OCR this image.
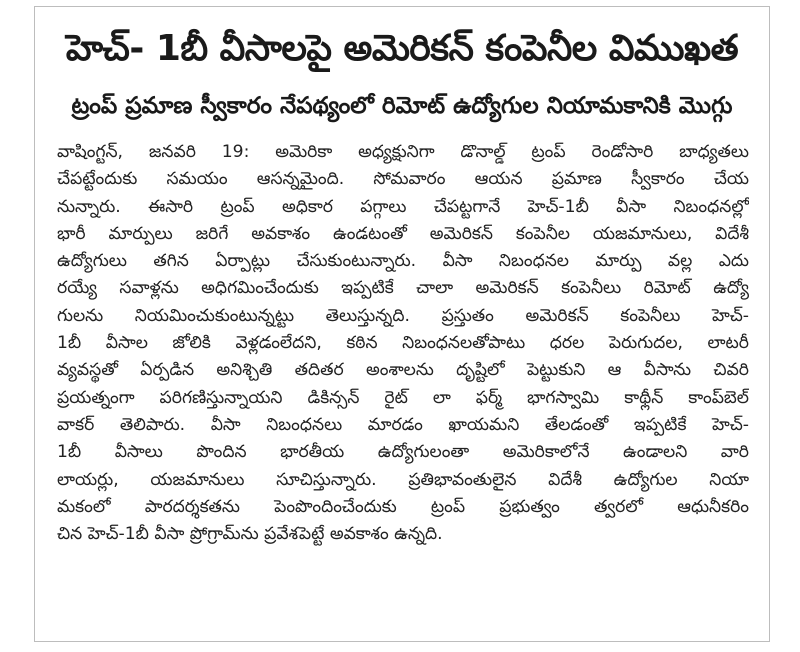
హెచ్‌- 1బీ వీసాలపై అమెరికన్‌ కంపెనీల విముఖత
ట్రంప్‌ ప్రమాణ స్వీకారం నేపథ్యంలో రిమోట్‌ ఉద్యోగుల నియామకానికి మొగ్గు
వాషింగ్టన్‌, జనవరి 19: అమెరికా అధ్యక్షునిగా డొనాల్డ్‌ ట్రంప్‌ రెండోసారి బాధ్యతలు
చేపట్టేందుకు సమయం ఆసన్నమైంది. సోమవారం ఆయన ప్రమాణ స్వీకారం చేయ
నున్నారు. ఈసారి ట్రంప్‌ అధికార పగ్గాలు చేపట్టగానే హెచ్‌-1బీ వీసా నిబంధనల్లో
భారీ మార్పులు జరిగే అవకాశం ఉండటంతో అమెరికన్‌ కంపెనీల యజమానులు, విదేశీ
ఉద్యోగులు తగిన ఏర్పాట్లు చేసుకుంటున్నారు. వీసా నిబంధనల మార్పు వల్ల ఎదు
రయ్యే సవాళ్లను అధిగమించేందుకు ఇప్పటికే చాలా అమెరికన్‌ కంపెనీలు రిమోట్‌ ఉద్యో
గులను నియమించుకుంటున్నట్టు తెలుస్తున్నది. ప్రస్తుతం అమెరికన్‌ కంపెనీలు హెచ్‌-
1బీ వీసాల జోలికి వెళ్లడంలేదని, కఠిన నిబంధనలతోపాటు ధరల పెరుగుదల, లాటరీ
వ్యవస్థతో ఏర్పడిన అనిశ్చితి తదితర అంశాలను దృష్టిలో పెట్టుకుని ఆ వీసాను చివరి
ప్రయత్నంగా పరిగణిస్తున్నాయని డికిన్సన్‌ రైట్‌ లా ఫర్మ్‌ భాగస్వామి కాథ్లీన్‌ కాంప్‌బెల్‌
వాకర్‌ తెలిపారు. వీసా నిబంధనలు మారడం ఖాయమని తేలడంతో ఇప్పటికే హెచ్‌-
1బీ వీసాలు పొందిన భారతీయ ఉద్యోగులంతా అమెరికాలోనే ఉండాలని వారి
లాయర్లు, యజమానులు సూచిస్తున్నారు. ప్రతిభావంతులైన విదేశీ ఉద్యోగుల నియా
మకంలో పారదర్శకతను పెంపొందించేందుకు ట్రంప్‌ ప్రభుత్వం త్వరలో ఆధునీకరిం
చిన హెచ్‌-1బీ వీసా ప్రోగ్రామ్‌ను ప్రవేశపెట్టే అవకాశం ఉన్నది.
